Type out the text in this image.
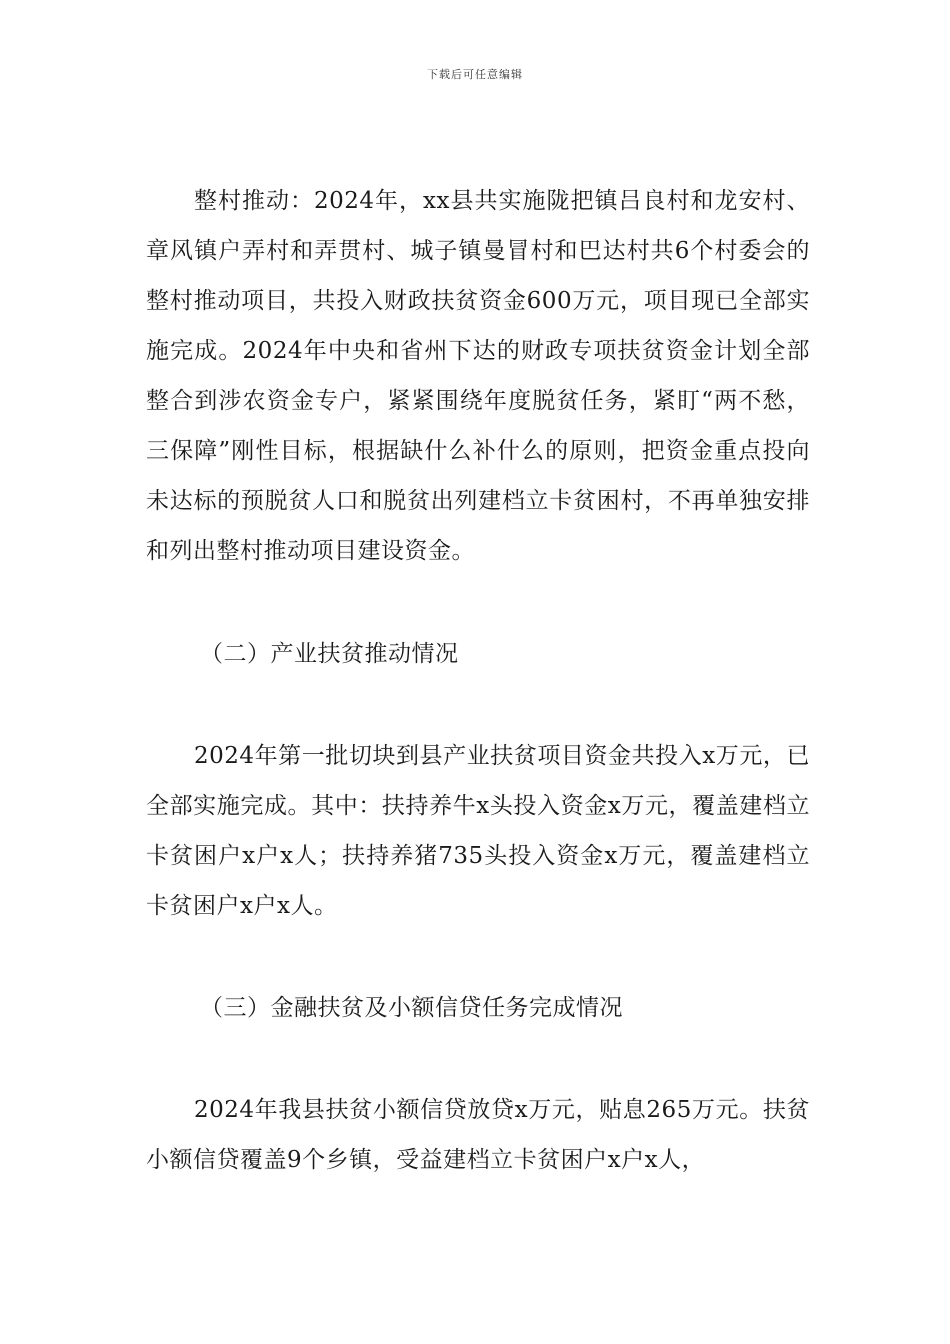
下载后可任意编辑

整村推动：2024年，xx县共实施陇把镇吕良村和龙安村、章风镇户弄村和弄贯村、城子镇曼冒村和巴达村共6个村委会的整村推动项目，共投入财政扶贫资金600万元，项目现已全部实施完成。2024年中央和省州下达的财政专项扶贫资金计划全部整合到涉农资金专户，紧紧围绕年度脱贫任务，紧盯“两不愁，三保障”刚性目标，根据缺什么补什么的原则，把资金重点投向未达标的预脱贫人口和脱贫出列建档立卡贫困村，不再单独安排和列出整村推动项目建设资金。

（二）产业扶贫推动情况

2024年第一批切块到县产业扶贫项目资金共投入x万元，已全部实施完成。其中：扶持养牛x头投入资金x万元，覆盖建档立卡贫困户x户x人；扶持养猪735头投入资金x万元，覆盖建档立卡贫困户x户x人。

（三）金融扶贫及小额信贷任务完成情况

2024年我县扶贫小额信贷放贷x万元，贴息265万元。扶贫小额信贷覆盖9个乡镇，受益建档立卡贫困户x户x人，
